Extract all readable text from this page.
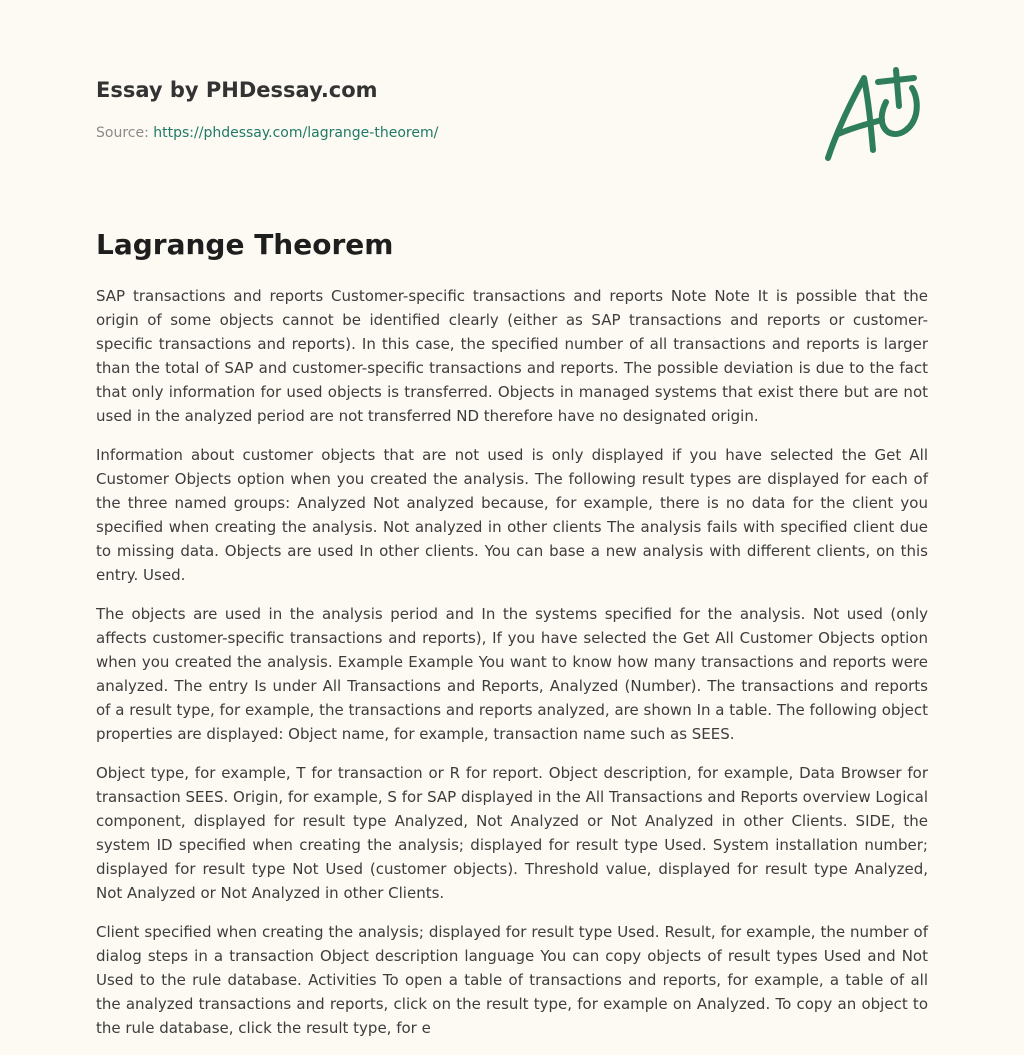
Essay by PHDessay.com
Source: https://phdessay.com/lagrange-theorem/
Lagrange Theorem

SAP transactions and reports Customer-specific transactions and reports Note Note It is possible that the origin of some objects cannot be identified clearly (either as SAP transactions and reports or customer-specific transactions and reports). In this case, the specified number of all transactions and reports is larger than the total of SAP and customer-specific transactions and reports. The possible deviation is due to the fact that only information for used objects is transferred. Objects in managed systems that exist there but are not used in the analyzed period are not transferred ND therefore have no designated origin.

Information about customer objects that are not used is only displayed if you have selected the Get All Customer Objects option when you created the analysis. The following result types are displayed for each of the three named groups: Analyzed Not analyzed because, for example, there is no data for the client you specified when creating the analysis. Not analyzed in other clients The analysis fails with specified client due to missing data. Objects are used In other clients. You can base a new analysis with different clients, on this entry. Used.

The objects are used in the analysis period and In the systems specified for the analysis. Not used (only affects customer-specific transactions and reports), If you have selected the Get All Customer Objects option when you created the analysis. Example Example You want to know how many transactions and reports were analyzed. The entry Is under All Transactions and Reports, Analyzed (Number). The transactions and reports of a result type, for example, the transactions and reports analyzed, are shown In a table. The following object properties are displayed: Object name, for example, transaction name such as SEES.

Object type, for example, T for transaction or R for report. Object description, for example, Data Browser for transaction SEES. Origin, for example, S for SAP displayed in the All Transactions and Reports overview Logical component, displayed for result type Analyzed, Not Analyzed or Not Analyzed in other Clients. SIDE, the system ID specified when creating the analysis; displayed for result type Used. System installation number; displayed for result type Not Used (customer objects). Threshold value, displayed for result type Analyzed, Not Analyzed or Not Analyzed in other Clients.

Client specified when creating the analysis; displayed for result type Used. Result, for example, the number of dialog steps in a transaction Object description language You can copy objects of result types Used and Not Used to the rule database. Activities To open a table of transactions and reports, for example, a table of all the analyzed transactions and reports, click on the result type, for example on Analyzed. To copy an object to the rule database, click the result type, for e
